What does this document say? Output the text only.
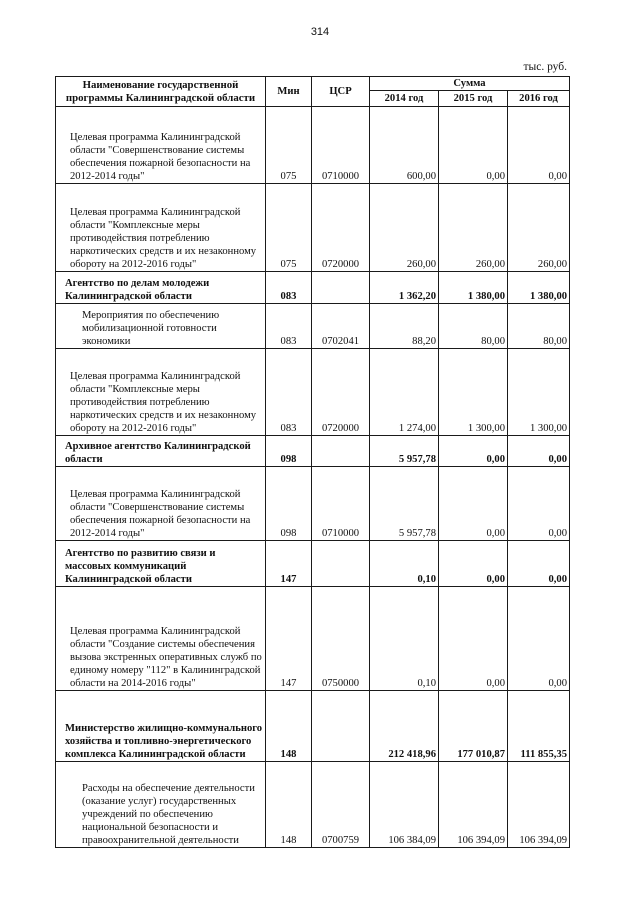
314
тыс. руб.
Наименование государственной программы Калининградской области	Мин	ЦСР	Сумма		
			2014 год	2015 год	2016 год
Целевая программа Калининградской области "Совершенствование системы обеспечения пожарной безопасности на 2012-2014 годы"	075	0710000	600,00	0,00	0,00
Целевая программа Калининградской области "Комплексные меры противодействия потреблению наркотических средств и их незаконному обороту на 2012-2016 годы"	075	0720000	260,00	260,00	260,00
Агентство по делам молодежи Калининградской области	083		1 362,20	1 380,00	1 380,00
Мероприятия по обеспечению мобилизационной готовности экономики	083	0702041	88,20	80,00	80,00
Целевая программа Калининградской области "Комплексные меры противодействия потреблению наркотических средств и их незаконному обороту на 2012-2016 годы"	083	0720000	1 274,00	1 300,00	1 300,00
Архивное агентство Калининградской области	098		5 957,78	0,00	0,00
Целевая программа Калининградской области "Совершенствование системы обеспечения пожарной безопасности на 2012-2014 годы"	098	0710000	5 957,78	0,00	0,00
Агентство по развитию связи и массовых коммуникаций Калининградской области	147		0,10	0,00	0,00
Целевая программа Калининградской области "Создание системы обеспечения вызова экстренных оперативных служб по единому номеру "112" в Калининградской области на 2014-2016 годы"	147	0750000	0,10	0,00	0,00
Министерство жилищно-коммунального хозяйства и топливно-энергетического комплекса Калининградской области	148		212 418,96	177 010,87	111 855,35
Расходы на обеспечение деятельности (оказание услуг) государственных учреждений по обеспечению национальной безопасности и правоохранительной деятельности	148	0700759	106 384,09	106 394,09	106 394,09
